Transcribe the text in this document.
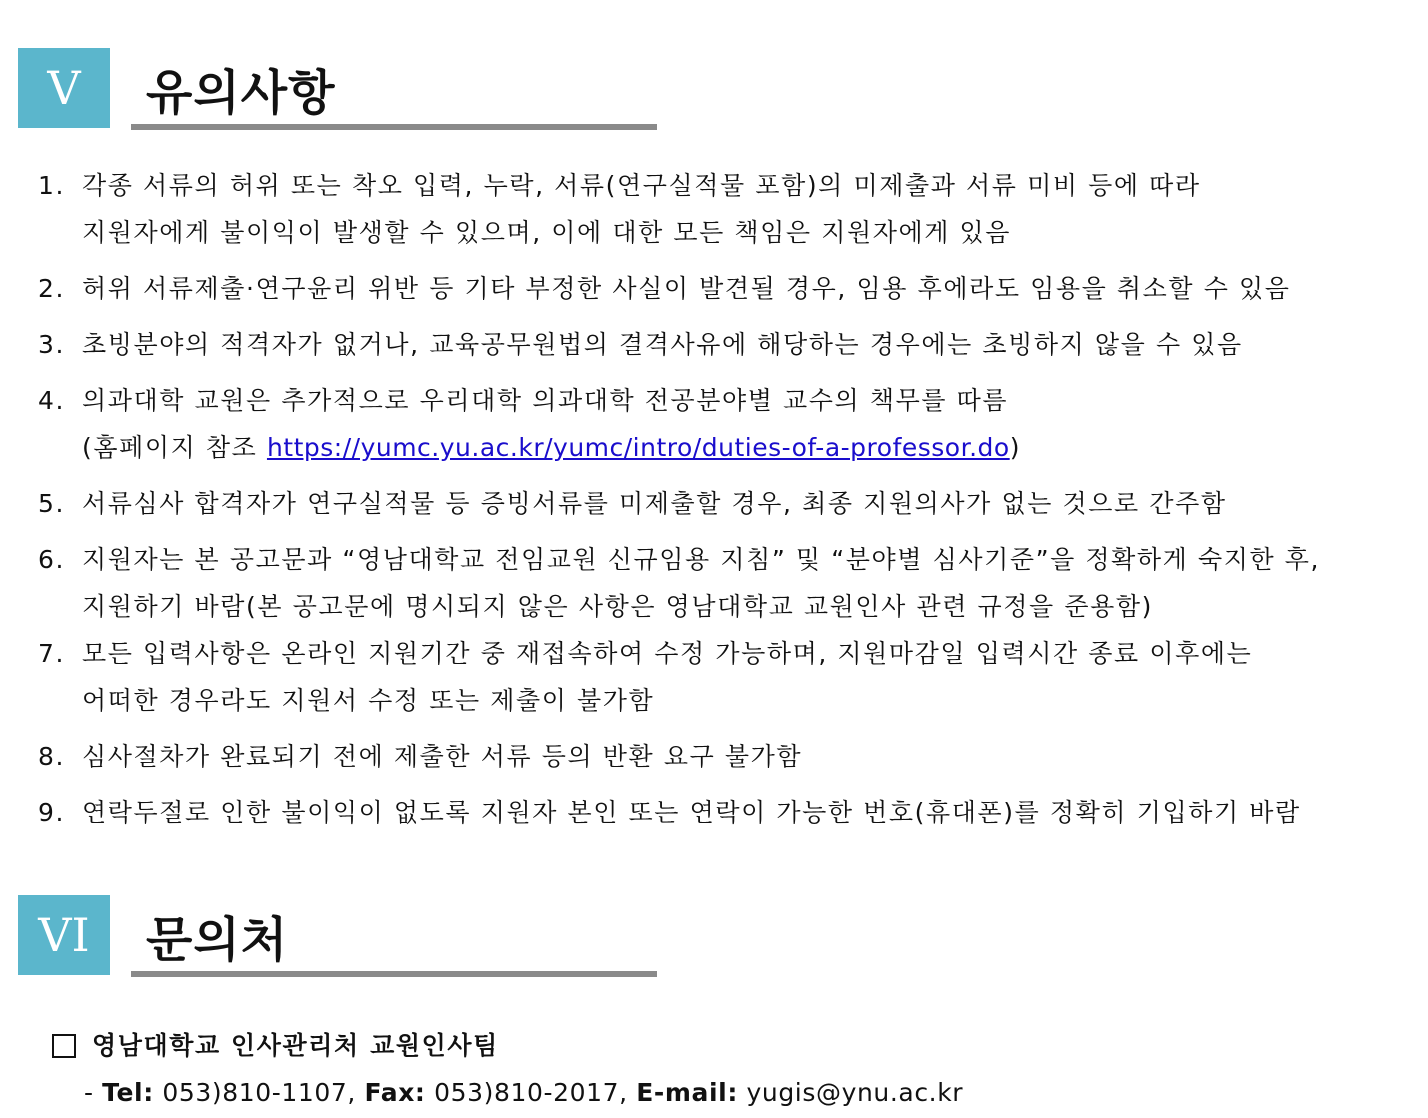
V	유의사항
1. 각종 서류의 허위 또는 착오 입력, 누락, 서류(연구실적물 포함)의 미제출과 서류 미비 등에 따라
지원자에게 불이익이 발생할 수 있으며, 이에 대한 모든 책임은 지원자에게 있음
2. 허위 서류제출·연구윤리 위반 등 기타 부정한 사실이 발견될 경우, 임용 후에라도 임용을 취소할 수 있음
3. 초빙분야의 적격자가 없거나, 교육공무원법의 결격사유에 해당하는 경우에는 초빙하지 않을 수 있음
4. 의과대학 교원은 추가적으로 우리대학 의과대학 전공분야별 교수의 책무를 따름
(홈페이지 참조 https://yumc.yu.ac.kr/yumc/intro/duties-of-a-professor.do)
5. 서류심사 합격자가 연구실적물 등 증빙서류를 미제출할 경우, 최종 지원의사가 없는 것으로 간주함
6. 지원자는 본 공고문과 “영남대학교 전임교원 신규임용 지침” 및 “분야별 심사기준”을 정확하게 숙지한 후,
지원하기 바람(본 공고문에 명시되지 않은 사항은 영남대학교 교원인사 관련 규정을 준용함)
7. 모든 입력사항은 온라인 지원기간 중 재접속하여 수정 가능하며, 지원마감일 입력시간 종료 이후에는
어떠한 경우라도 지원서 수정 또는 제출이 불가함
8. 심사절차가 완료되기 전에 제출한 서류 등의 반환 요구 불가함
9. 연락두절로 인한 불이익이 없도록 지원자 본인 또는 연락이 가능한 번호(휴대폰)를 정확히 기입하기 바람
VI	문의처
영남대학교 인사관리처 교원인사팀
- Tel: 053)810-1107, Fax: 053)810-2017, E-mail: yugis@ynu.ac.kr
